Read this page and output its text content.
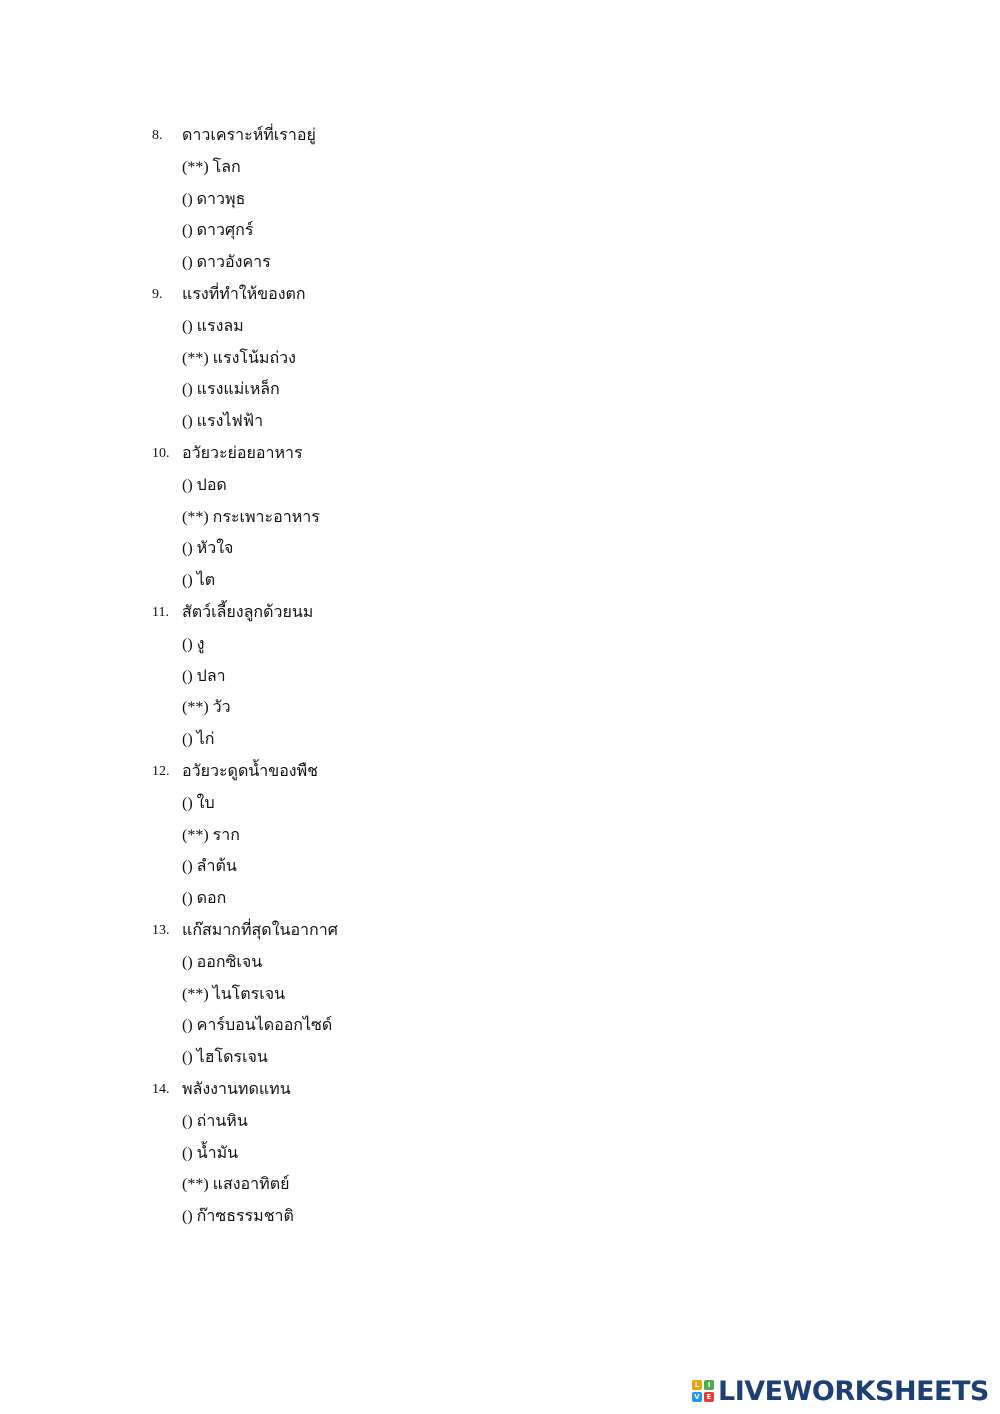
8. ดาวเคราะห์ที่เราอยู่
(**) โลก
() ดาวพุธ
() ดาวศุกร์
() ดาวอังคาร
9. แรงที่ทำให้ของตก
() แรงลม
(**) แรงโน้มถ่วง
() แรงแม่เหล็ก
() แรงไฟฟ้า
10. อวัยวะย่อยอาหาร
() ปอด
(**) กระเพาะอาหาร
() หัวใจ
() ไต
11. สัตว์เลี้ยงลูกด้วยนม
() งู
() ปลา
(**) วัว
() ไก่
12. อวัยวะดูดน้ำของพืช
() ใบ
(**) ราก
() ลำต้น
() ดอก
13. แก๊สมากที่สุดในอากาศ
() ออกซิเจน
(**) ไนโตรเจน
() คาร์บอนไดออกไซด์
() ไฮโดรเจน
14. พลังงานทดแทน
() ถ่านหิน
() น้ำมัน
(**) แสงอาทิตย์
() ก๊าซธรรมชาติ
L	I
V E LIVEWORKSHEETS
